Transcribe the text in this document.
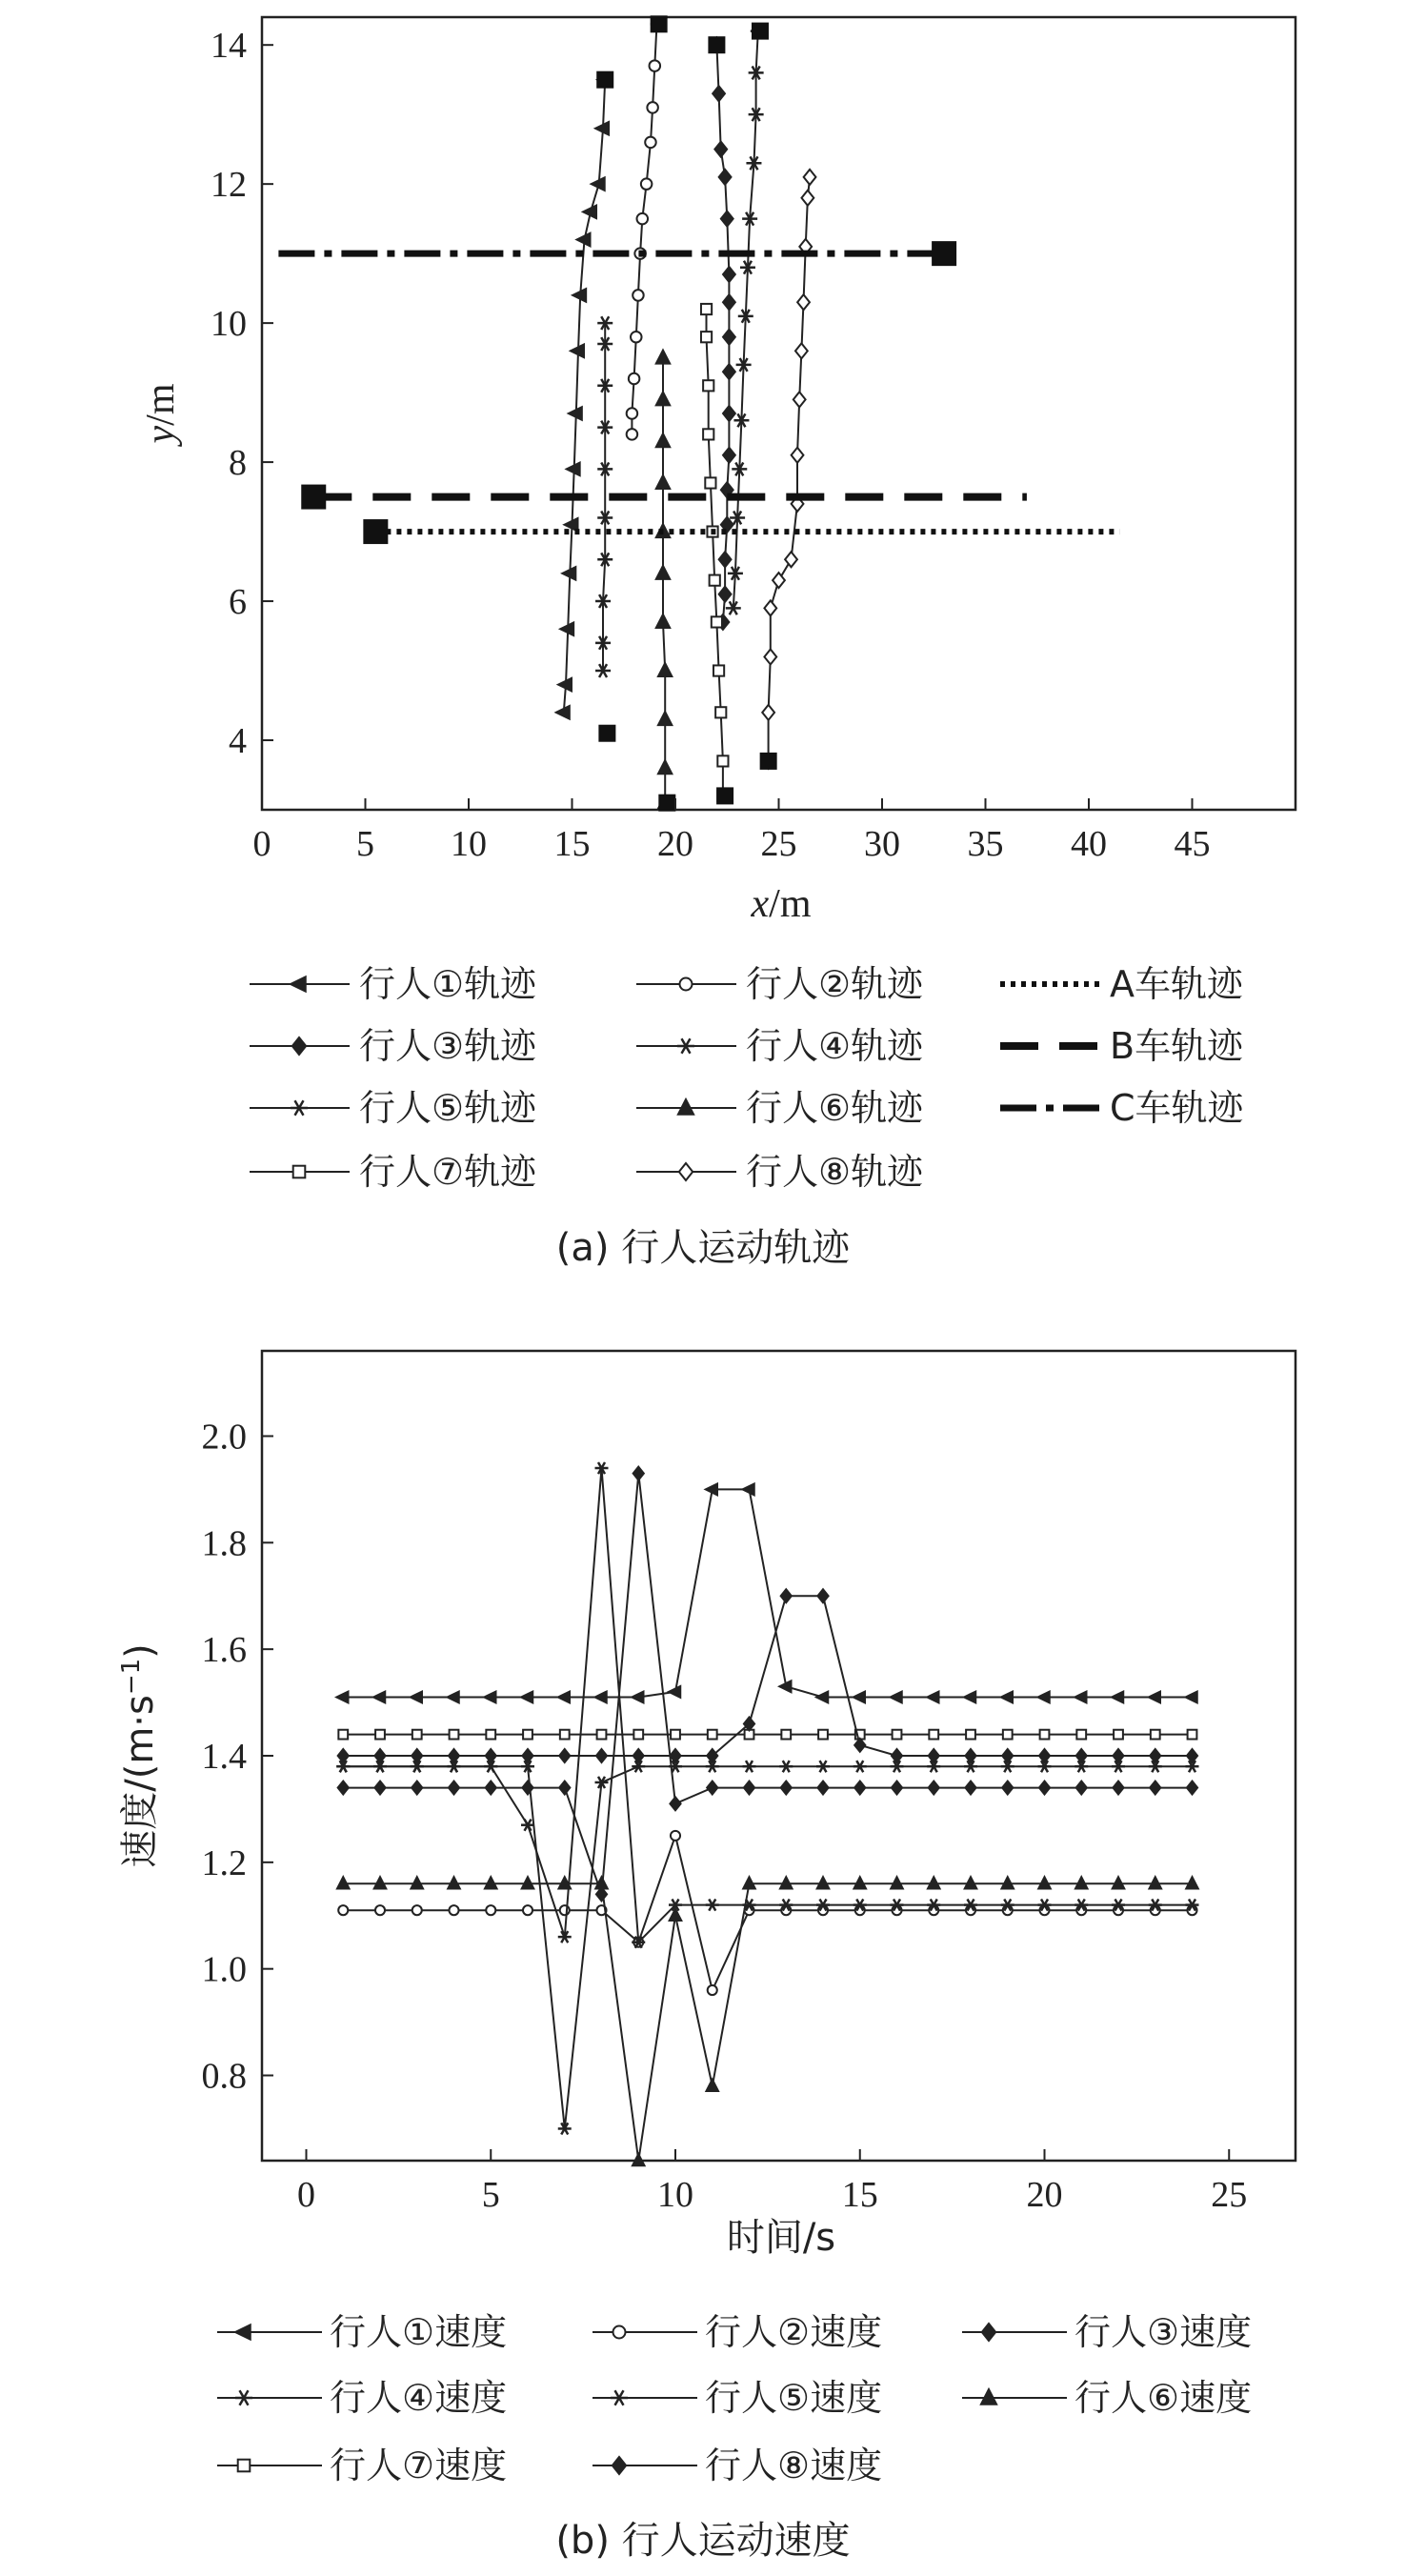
0 5 10 15 20 25 30 35 40 45
4
6
8
10
12
14
x/m
y/m
行人①轨迹	行人②轨迹	A车轨迹
行人③轨迹	行人④轨迹	B车轨迹
行人⑤轨迹	行人⑥轨迹	C车轨迹
行人⑦轨迹	行人⑧轨迹
(a) 行人运动轨迹
0	5	10	15	20	25
0.8
1.0
1.2
1.4
1.6
1.8
2.0
时间/s
速度$/(m\cdot s^{-1})$
行人①速度	行人②速度	行人③速度
行人④速度	行人⑤速度	行人⑥速度
行人⑦速度	行人⑧速度
(b) 行人运动速度
